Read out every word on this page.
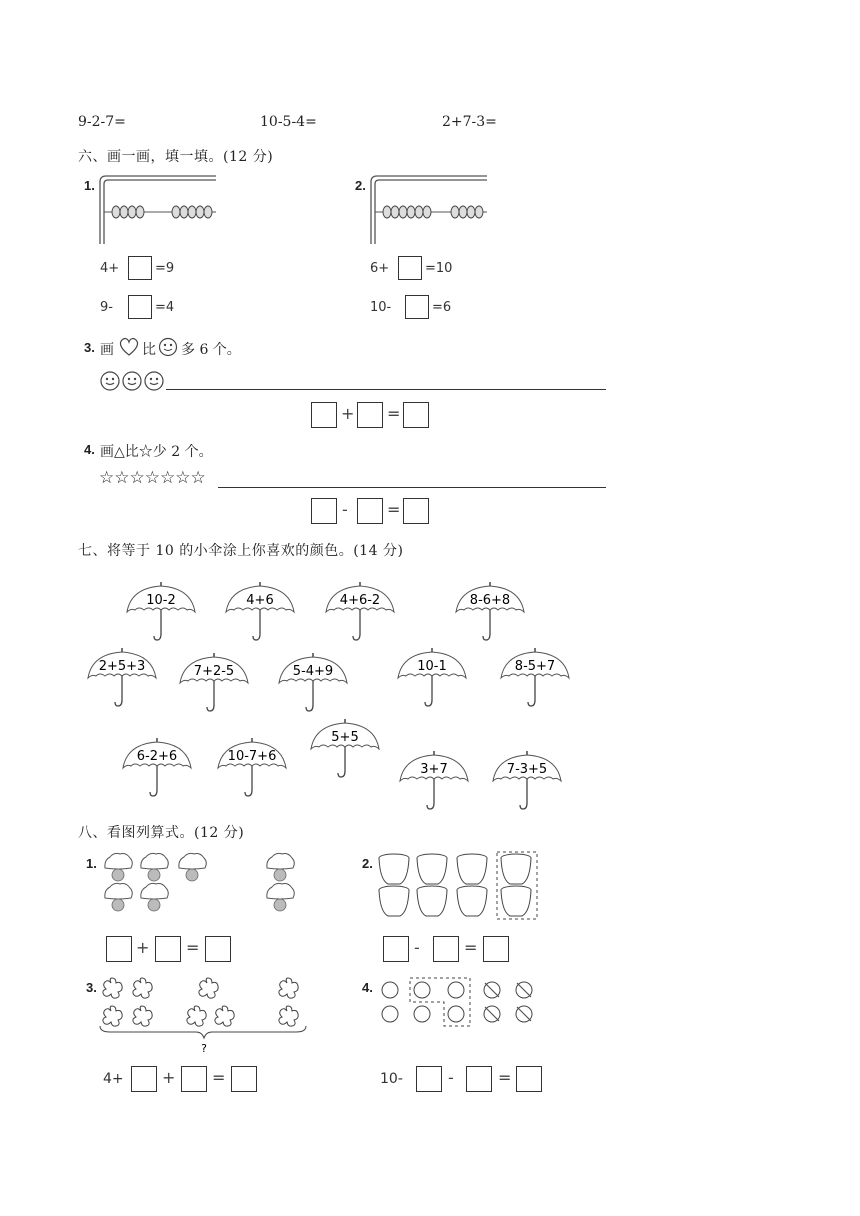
9-2-7=	10-5-4=	2+7-3=
六、画一画，填一填。(12 分)
1.
4+	=9
9-	=4
2.
6+	=10
10-	=6
3. 画 比 多 6 个。
+ =
4. 画△比☆少 2 个。
☆☆☆☆☆☆☆
- =
七、将等于 10 的小伞涂上你喜欢的颜色。(14 分)
10-2	4+6	4+6-2	8-6+8
2+5+3	7+2-5	5-4+9	10-1	8-5+7
6-2+6	10-7+6
5+5
3+7	7-3+5
八、看图列算式。(12 分)
1.
+ =
2.
-	=
3.
?
4+ + =
4.
10-	-	=
